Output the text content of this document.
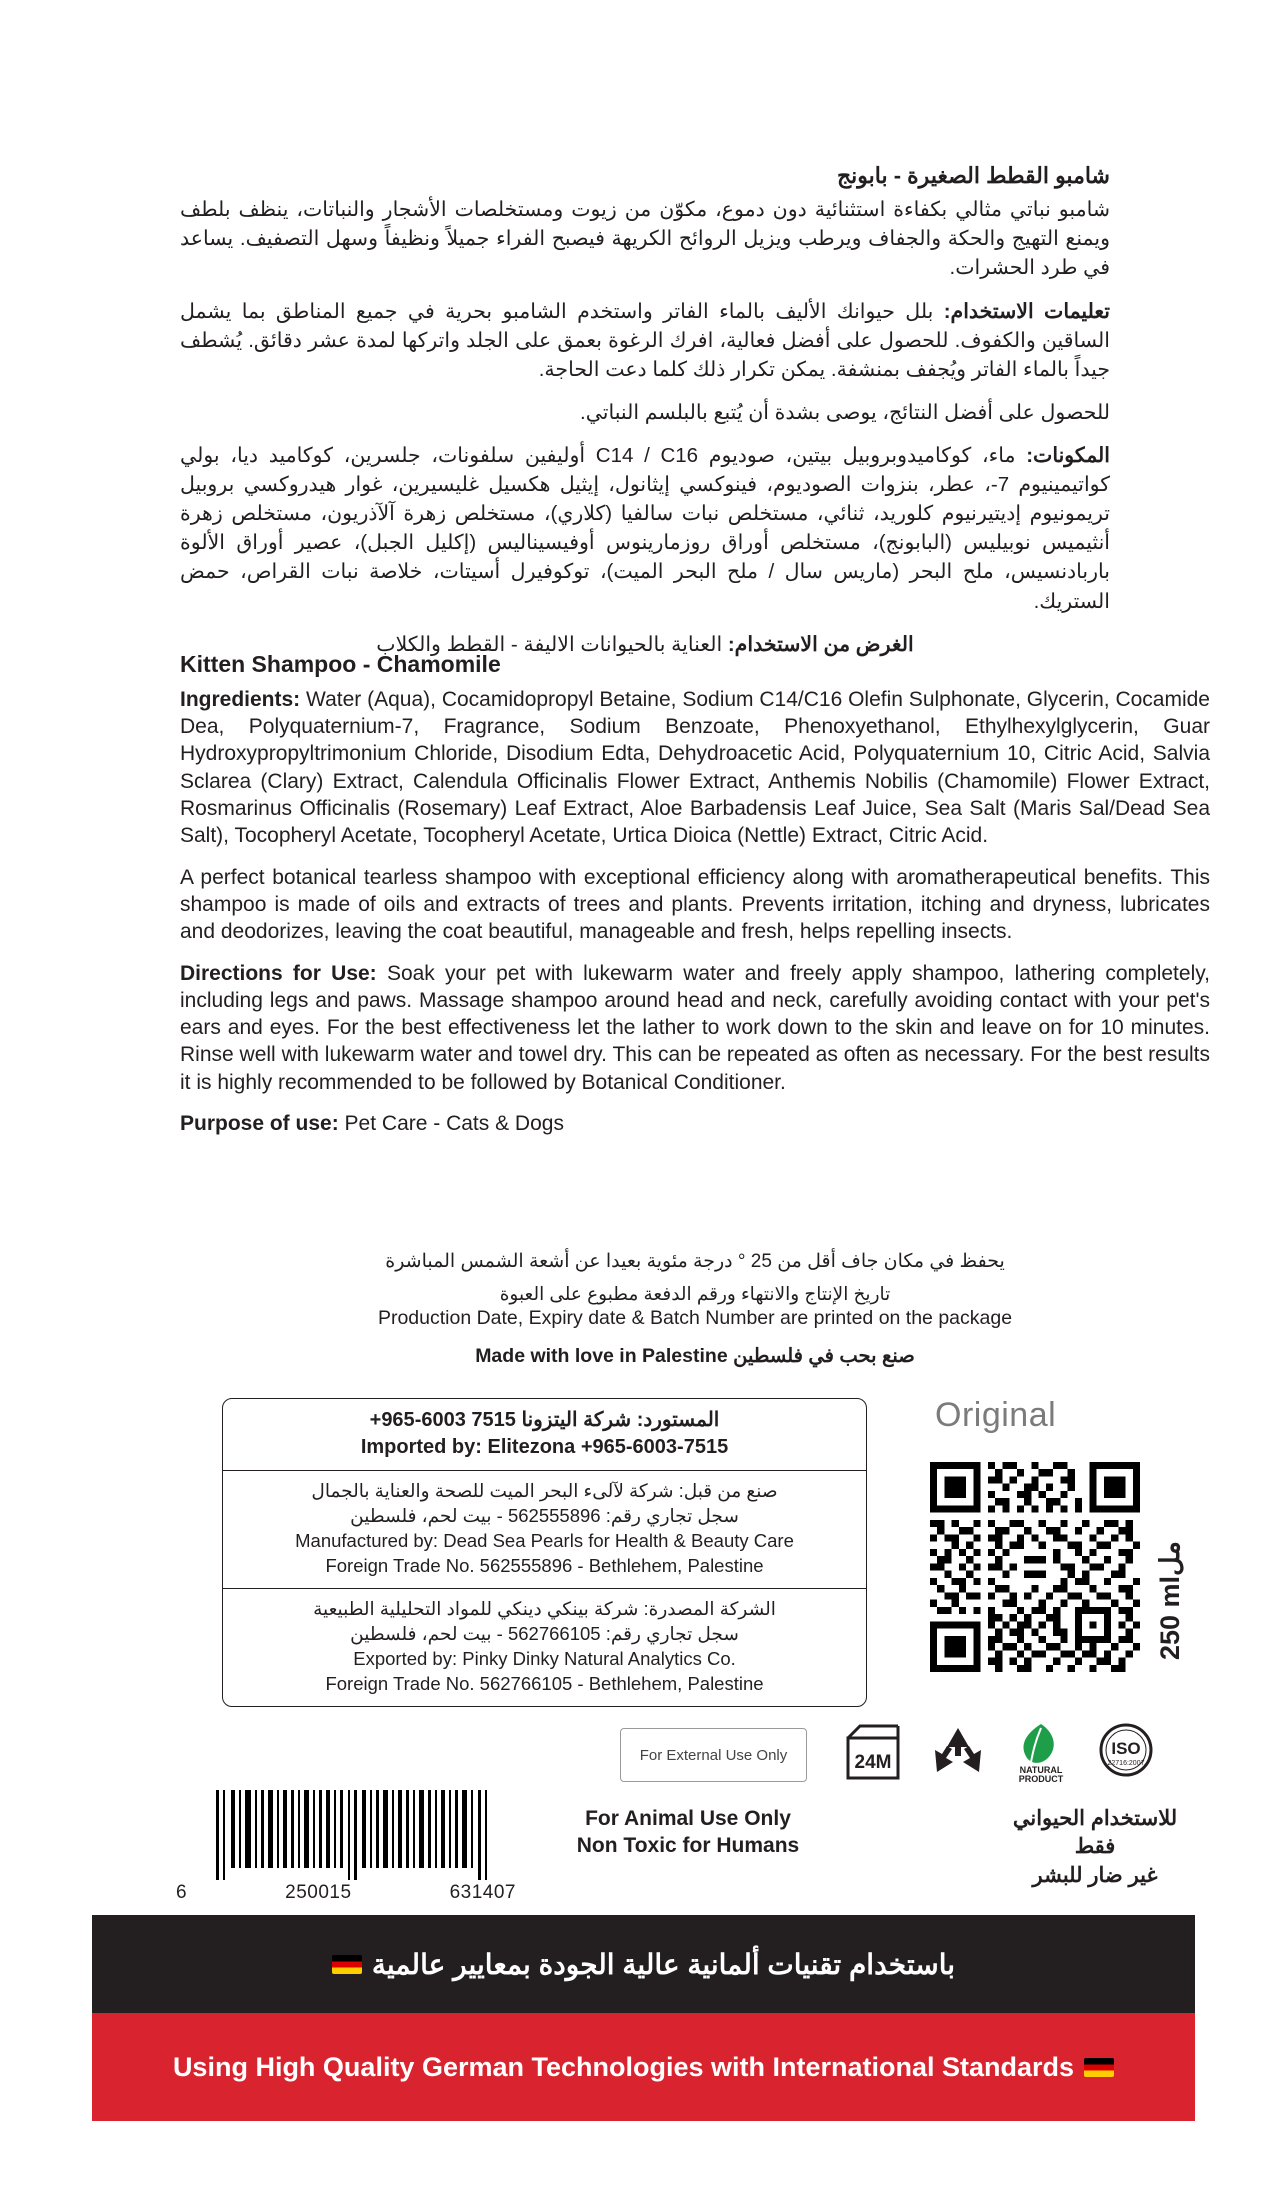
شامبو القطط الصغيرة - بابونج
شامبو نباتي مثالي بكفاءة استثنائية دون دموع، مكوّن من زيوت ومستخلصات الأشجار والنباتات، ينظف بلطف ويمنع التهيج والحكة والجفاف ويرطب ويزيل الروائح الكريهة فيصبح الفراء جميلاً ونظيفاً وسهل التصفيف. يساعد في طرد الحشرات.
تعليمات الاستخدام: بلل حيوانك الأليف بالماء الفاتر واستخدم الشامبو بحرية في جميع المناطق بما يشمل الساقين والكفوف. للحصول على أفضل فعالية، افرك الرغوة بعمق على الجلد واتركها لمدة عشر دقائق. يُشطف جيداً بالماء الفاتر ويُجفف بمنشفة. يمكن تكرار ذلك كلما دعت الحاجة.
للحصول على أفضل النتائج، يوصى بشدة أن يُتبع بالبلسم النباتي.
المكونات: ماء، كوكاميدوبروبيل بيتين، صوديوم C14 / C16 أوليفين سلفونات، جلسرين، كوكاميد ديا، بولي كواتيمينيوم 7-، عطر، بنزوات الصوديوم، فينوكسي إيثانول، إيثيل هكسيل غليسيرين، غوار هيدروكسي بروبيل تريمونيوم إديتيرنيوم كلوريد، ثنائي، مستخلص نبات سالفيا (كلاري)، مستخلص زهرة آلآذريون، مستخلص زهرة أنثيميس نوبيليس (البابونج)، مستخلص أوراق روزمارينوس أوفيسيناليس (إكليل الجبل)، عصير أوراق الألوة باربادنسيس، ملح البحر (ماريس سال / ملح البحر الميت)، توكوفيرل أسيتات، خلاصة نبات القراص، حمض الستريك.
الغرض من الاستخدام: العناية بالحيوانات الاليفة - القطط والكلاب
Kitten Shampoo - Chamomile
Ingredients: Water (Aqua), Cocamidopropyl Betaine, Sodium C14/C16 Olefin Sulphonate, Glycerin, Cocamide Dea, Polyquaternium-7, Fragrance, Sodium Benzoate, Phenoxyethanol, Ethylhexylglycerin, Guar Hydroxypropyltrimonium Chloride, Disodium Edta, Dehydroacetic Acid, Polyquaternium 10, Citric Acid, Salvia Sclarea (Clary) Extract, Calendula Officinalis Flower Extract, Anthemis Nobilis (Chamomile) Flower Extract, Rosmarinus Officinalis (Rosemary) Leaf Extract, Aloe Barbadensis Leaf Juice, Sea Salt (Maris Sal/Dead Sea Salt), Tocopheryl Acetate, Tocopheryl Acetate, Urtica Dioica (Nettle) Extract, Citric Acid.
A perfect botanical tearless shampoo with exceptional efficiency along with aromatherapeutical benefits. This shampoo is made of oils and extracts of trees and plants. Prevents irritation, itching and dryness, lubricates and deodorizes, leaving the coat beautiful, manageable and fresh, helps repelling insects.
Directions for Use: Soak your pet with lukewarm water and freely apply shampoo, lathering completely, including legs and paws. Massage shampoo around head and neck, carefully avoiding contact with your pet's ears and eyes. For the best effectiveness let the lather to work down to the skin and leave on for 10 minutes. Rinse well with lukewarm water and towel dry. This can be repeated as often as necessary. For the best results it is highly recommended to be followed by Botanical Conditioner.
Purpose of use: Pet Care - Cats & Dogs
يحفظ في مكان جاف أقل من 25 ° درجة مئوية بعيدا عن أشعة الشمس المباشرة
تاريخ الإنتاج والانتهاء ورقم الدفعة مطبوع على العبوة
Production Date, Expiry date & Batch Number are printed on the package
Made with love in Palestine صنع بحب في فلسطين
المستورد: شركة اليتزونا 7515 6003-965+
Imported by: Elitezona +965-6003-7515
صنع من قبل: شركة لآلىء البحر الميت للصحة والعناية بالجمال
سجل تجاري رقم: 562555896 - بيت لحم، فلسطين
Manufactured by: Dead Sea Pearls for Health & Beauty Care
Foreign Trade No. 562555896 - Bethlehem, Palestine
الشركة المصدرة: شركة بينكي دينكي للمواد التحليلية الطبيعية
سجل تجاري رقم: 562766105 - بيت لحم، فلسطين
Exported by: Pinky Dinky Natural Analytics Co.
Foreign Trade No. 562766105 - Bethlehem, Palestine
Original
250 mlمل
For External Use Only	24M	NATURAL
PRODUCT
ISO
22716:2007
For Animal Use Only
Non Toxic for Humans
للاستخدام الحيواني فقط
غير ضار للبشر
6	250015	631407
باستخدام تقنيات ألمانية عالية الجودة بمعايير عالمية
Using High Quality German Technologies with International Standards
